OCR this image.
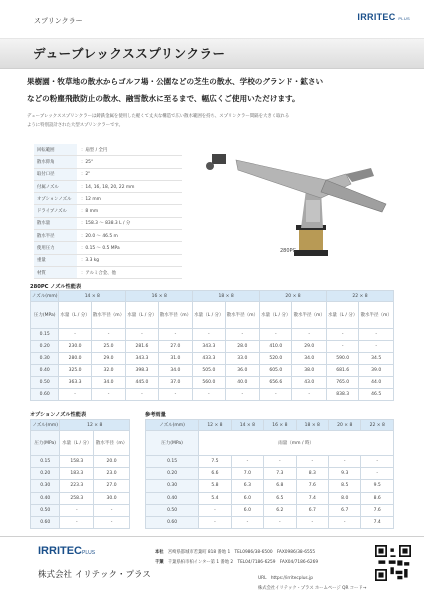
スプリンクラー	IRRITEC PLUS
デューブレックススプリンクラー
果樹園・牧草地の散水からゴルフ場・公園などの芝生の散水、学校のグランド・鉱さい
などの粉塵飛散防止の散水、融雪散水に至るまで、幅広くご使用いただけます。
デューブレックススプリンクラーは鋳鉄金属を使用した軽くて丈夫な構造で広い散水範囲を持ち、スプリンクラー間隔を大きく取れる
ように特別設計された大型スプリンクラーです。
回転範囲	：扇型 / 全円
散水仰角	：25°
取付口径	：2"
付属ノズル	：14, 16, 18, 20, 22 mm
オプションノズル	：12 mm
ドライブノズル	：8 mm
散水量	：158.3 ～ 838.3 L / 分
散水半径	：20.0 ～ 46.5 m
使用圧力	：0.15 ～ 0.5 MPa
重量	：3.3 kg
材質	：アルミ合金、他
280PC
280PC ノズル性能表
ノズル(mm)	14 × 8		16 × 8		18 × 8		20 × 8		22 × 8	
圧力(MPa)	水量（L / 分）	散水半径（m）	水量（L / 分）	散水半径（m）	水量（L / 分）	散水半径（m）	水量（L / 分）	散水半径（m）	水量（L / 分）	散水半径（m）
0.15	-	-	-	-	-	-	-	-	-	-
0.20	230.0	25.0	281.6	27.0	343.3	28.0	410.0	29.0	-	-
0.30	280.0	29.0	343.3	31.0	433.3	33.0	520.0	34.0	590.0	34.5
0.40	325.0	32.0	398.3	34.0	505.0	36.0	605.0	38.0	681.6	39.0
0.50	363.3	34.0	445.0	37.0	560.0	40.0	656.6	43.0	765.0	44.0
0.60	-	-	-	-	-	-	-	-	838.3	46.5
オプションノズル性能表
ノズル(mm)	12 × 8	
圧力(MPa)	水量（L / 分）	散水半径（m）
0.15	158.3	20.0
0.20	183.3	23.0
0.30	223.3	27.0
0.40	258.3	30.0
0.50	-	-
0.60	-	-
参考雨量
ノズル(mm)	12 × 8	14 × 8	16 × 8	18 × 8	20 × 8	22 × 8
圧力(MPa)	雨量（mm / 時）					
0.15	7.5	-	-	-	-	-
0.20	6.6	7.0	7.3	8.3	9.3	-
0.30	5.8	6.3	6.8	7.6	8.5	9.5
0.40	5.4	6.0	6.5	7.4	8.0	8.6
0.50	-	6.0	6.2	6.7	6.7	7.6
0.60	-	-	-	-	-	7.4
IRRITECPLUS
株式会社 イリテック・プラス
本社　 宮崎県都城市若葉町 818 番地 1　TEL0986/38-6500　FAX0986/38-6555
千葉　 千葉県柏市柏インター第 1 番地 2　TEL04/7186-6259　FAX04/7186-6269
URL　 https://irritecplus.jp
株式会社イリテック・プラス ホームページ QR コード→
